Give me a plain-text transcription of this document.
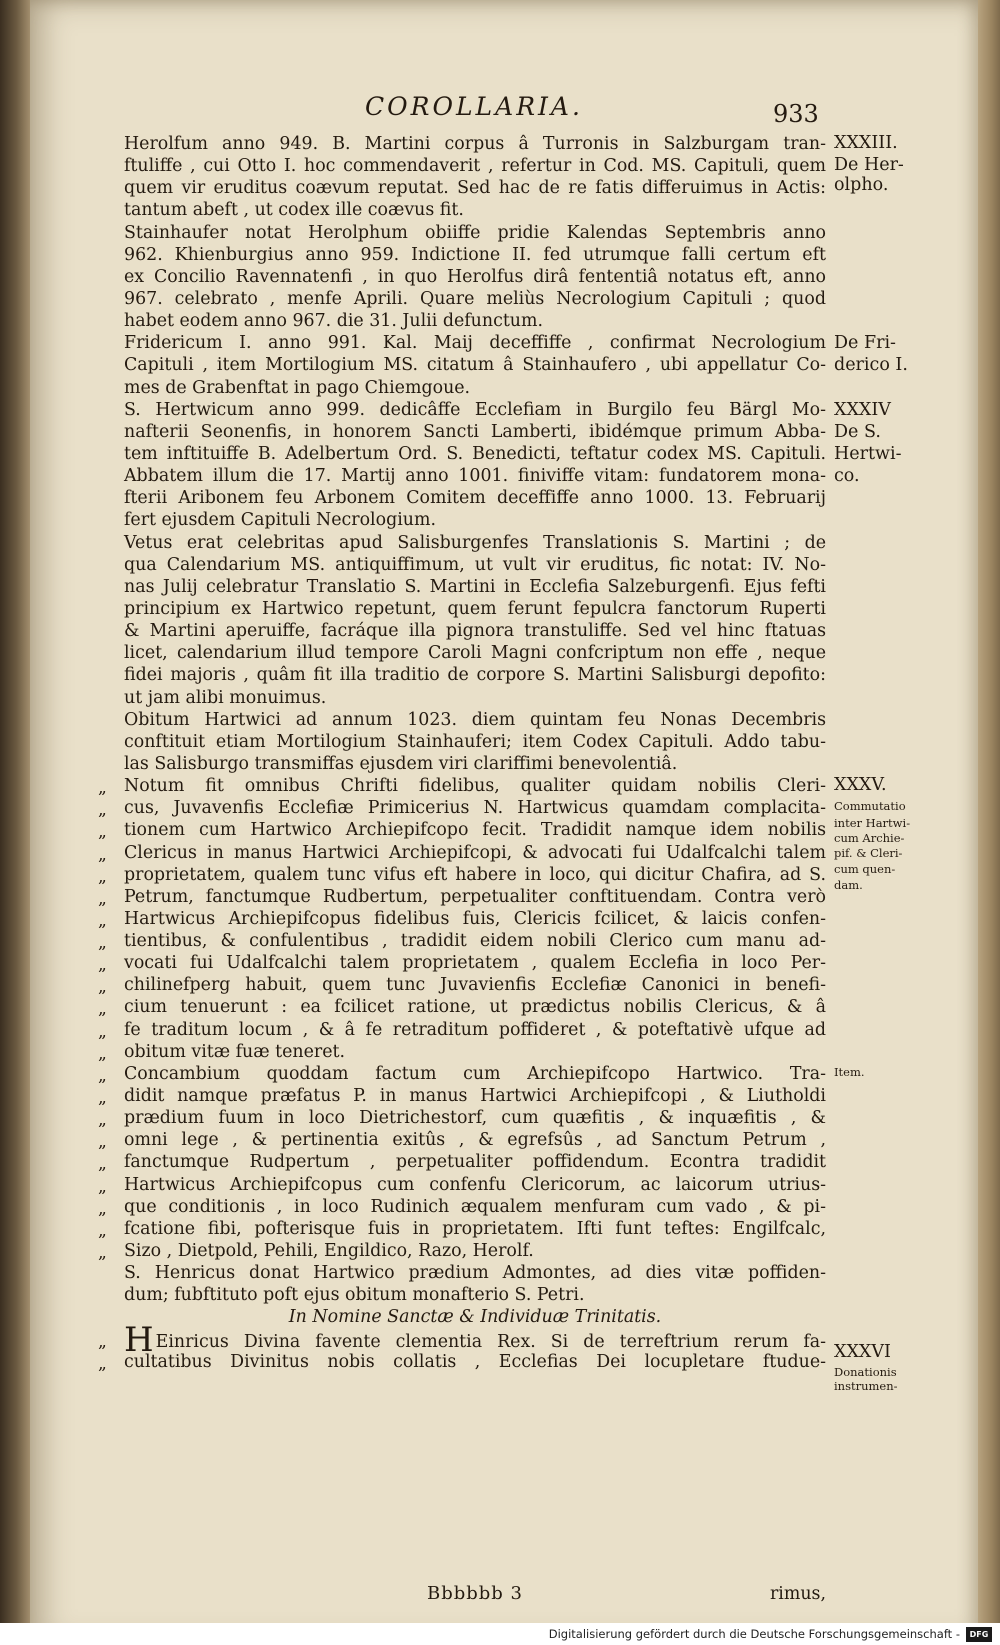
COROLLARIA.	933
Herolfum anno 949. B. Martini corpus â Turronis in Salzburgam tran-
ftuliffe , cui Otto I. hoc commendaverit , refertur in Cod. MS. Capituli, quem
quem vir eruditus coævum reputat. Sed hac de re fatis differuimus in Actis:
tantum abeft , ut codex ille coævus fit.
Stainhaufer notat Herolphum obiiffe pridie Kalendas Septembris anno
962. Khienburgius anno 959. Indictione II. fed utrumque falli certum eft
ex Concilio Ravennatenfi , in quo Herolfus dirâ fententiâ notatus eft, anno
967. celebrato , menfe Aprili. Quare meliùs Necrologium Capituli ; quod
habet eodem anno 967. die 31. Julii defunctum.
Fridericum I. anno 991. Kal. Maij deceffiffe , confirmat Necrologium
Capituli , item Mortilogium MS. citatum â Stainhaufero , ubi appellatur Co-
mes de Grabenftat in pago Chiemgoue.
S. Hertwicum anno 999. dedicâffe Ecclefiam in Burgilo feu Bärgl Mo-
nafterii Seonenfis, in honorem Sancti Lamberti, ibidémque primum Abba-
tem inftituiffe B. Adelbertum Ord. S. Benedicti, teftatur codex MS. Capituli.
Abbatem illum die 17. Martij anno 1001. finiviffe vitam: fundatorem mona-
fterii Aribonem feu Arbonem Comitem deceffiffe anno 1000. 13. Februarij
fert ejusdem Capituli Necrologium.
Vetus erat celebritas apud Salisburgenfes Translationis S. Martini ; de
qua Calendarium MS. antiquiffimum, ut vult vir eruditus, fic notat: IV. No-
nas Julij celebratur Translatio S. Martini in Ecclefia Salzeburgenfi. Ejus fefti
principium ex Hartwico repetunt, quem ferunt fepulcra fanctorum Ruperti
& Martini aperuiffe, facráque illa pignora transtuliffe. Sed vel hinc ftatuas
licet, calendarium illud tempore Caroli Magni confcriptum non effe , neque
fidei majoris , quâm fit illa traditio de corpore S. Martini Salisburgi depofito:
ut jam alibi monuimus.
Obitum Hartwici ad annum 1023. diem quintam feu Nonas Decembris
conftituit etiam Mortilogium Stainhauferi; item Codex Capituli. Addo tabu-
las Salisburgo transmiffas ejusdem viri clariffimi benevolentiâ.
„ Notum fit omnibus Chrifti fidelibus, qualiter quidam nobilis Cleri-
„ cus, Juvavenfis Ecclefiæ Primicerius N. Hartwicus quamdam complacita-
„ tionem cum Hartwico Archiepifcopo fecit. Tradidit namque idem nobilis
„ Clericus in manus Hartwici Archiepifcopi, & advocati fui Udalfcalchi talem
„ proprietatem, qualem tunc vifus eft habere in loco, qui dicitur Chafira, ad S.
„ Petrum, fanctumque Rudbertum, perpetualiter conftituendam. Contra verò
„ Hartwicus Archiepifcopus fidelibus fuis, Clericis fcilicet, & laicis confen-
„ tientibus, & confulentibus , tradidit eidem nobili Clerico cum manu ad-
„ vocati fui Udalfcalchi talem proprietatem , qualem Ecclefia in loco Per-
„ chilinefperg habuit, quem tunc Juvavienfis Ecclefiæ Canonici in benefi-
„ cium tenuerunt : ea fcilicet ratione, ut prædictus nobilis Clericus, & â
„ fe traditum locum , & â fe retraditum poffideret , & poteftativè ufque ad
„ obitum vitæ fuæ teneret.
„ Concambium quoddam factum cum Archiepifcopo Hartwico. Tra-
„ didit namque præfatus P. in manus Hartwici Archiepifcopi , & Liutholdi
„ prædium fuum in loco Dietrichestorf, cum quæfitis , & inquæfitis , &
„ omni lege , & pertinentia exitûs , & egrefsûs , ad Sanctum Petrum ,
„ fanctumque Rudpertum , perpetualiter poffidendum. Econtra tradidit
„ Hartwicus Archiepifcopus cum confenfu Clericorum, ac laicorum utrius-
„ que conditionis , in loco Rudinich æqualem menfuram cum vado , & pi-
„ fcatione fibi, pofterisque fuis in proprietatem. Ifti funt teftes: Engilfcalc,
„ Sizo , Dietpold, Pehili, Engildico, Razo, Herolf.
S. Henricus donat Hartwico prædium Admontes, ad dies vitæ poffiden-
dum; fubftituto poft ejus obitum monafterio S. Petri.
In Nomine Sanctæ & Individuæ Trinitatis.
„ H Einricus Divina favente clementia Rex. Si de terreftrium rerum fa-
„ cultatibus Divinitus nobis collatis , Ecclefias Dei locupletare ftudue-
Bbbbbb 3	rimus,
XXXIII.
De Her-
olpho.
De Fri-
derico I.
XXXIV
De S.
Hertwi-
co.
XXXV.
Commutatio
inter Hartwi-
cum Archie-
pif. & Cleri-
cum quen-
dam.
Item.
XXXVI
Donationis
instrumen-
Digitalisierung gefördert durch die Deutsche Forschungsgemeinschaft -	DFG
